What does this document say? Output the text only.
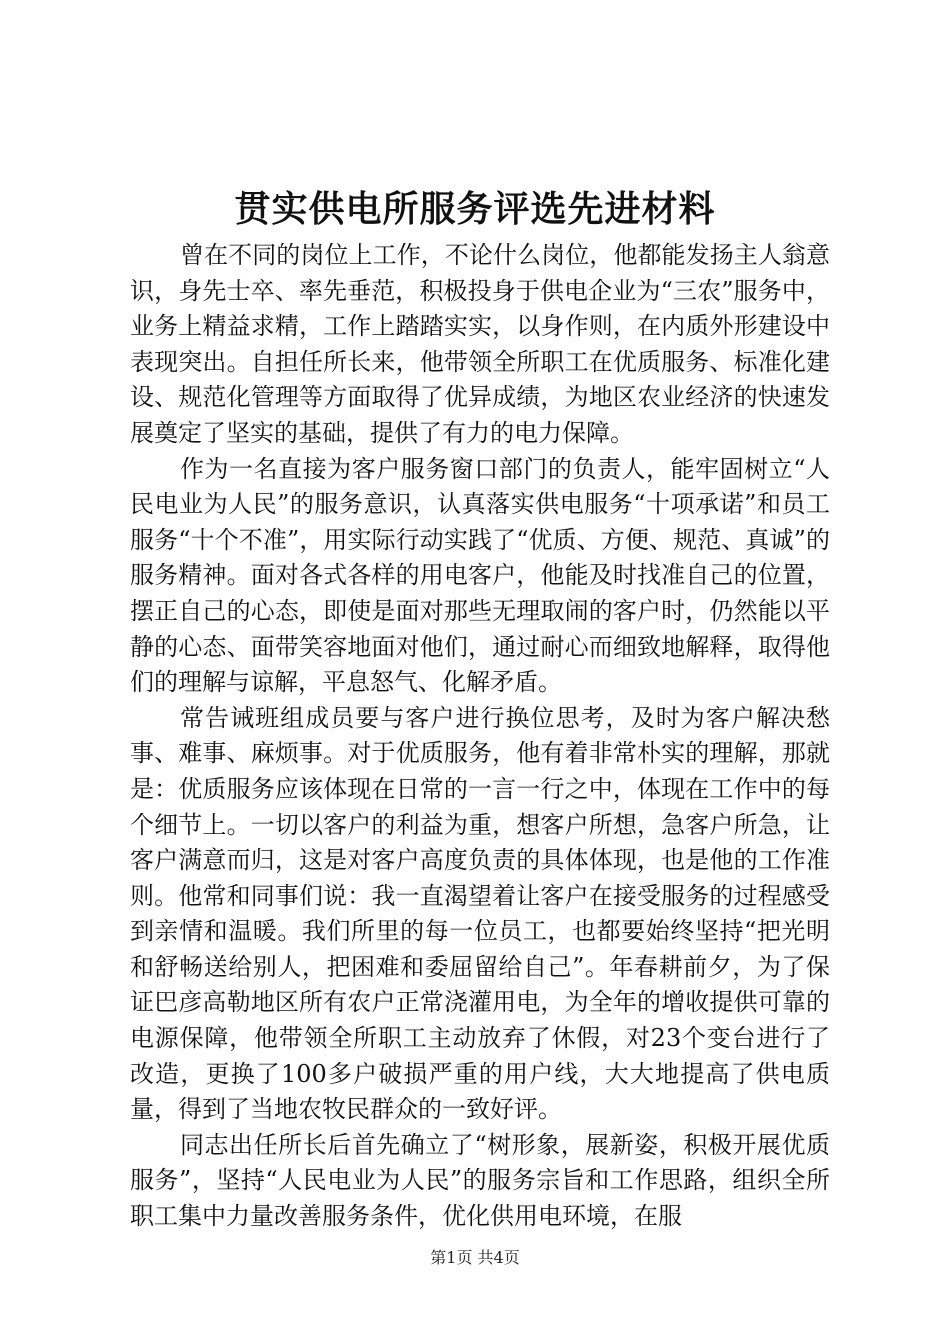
贯实供电所服务评选先进材料

曾在不同的岗位上工作，不论什么岗位，他都能发扬主人翁意识，身先士卒、率先垂范，积极投身于供电企业为“三农”服务中，业务上精益求精，工作上踏踏实实，以身作则，在内质外形建设中表现突出。自担任所长来，他带领全所职工在优质服务、标准化建设、规范化管理等方面取得了优异成绩，为地区农业经济的快速发展奠定了坚实的基础，提供了有力的电力保障。

作为一名直接为客户服务窗口部门的负责人，能牢固树立“人民电业为人民”的服务意识，认真落实供电服务“十项承诺”和员工服务“十个不准”，用实际行动实践了“优质、方便、规范、真诚”的服务精神。面对各式各样的用电客户，他能及时找准自己的位置，摆正自己的心态，即使是面对那些无理取闹的客户时，仍然能以平静的心态、面带笑容地面对他们，通过耐心而细致地解释，取得他们的理解与谅解，平息怒气、化解矛盾。

常告诫班组成员要与客户进行换位思考，及时为客户解决愁事、难事、麻烦事。对于优质服务，他有着非常朴实的理解，那就是：优质服务应该体现在日常的一言一行之中，体现在工作中的每个细节上。一切以客户的利益为重，想客户所想，急客户所急，让客户满意而归，这是对客户高度负责的具体体现，也是他的工作准则。他常和同事们说：我一直渴望着让客户在接受服务的过程感受到亲情和温暖。我们所里的每一位员工，也都要始终坚持“把光明和舒畅送给别人，把困难和委屈留给自己”。年春耕前夕，为了保证巴彦高勒地区所有农户正常浇灌用电，为全年的增收提供可靠的电源保障，他带领全所职工主动放弃了休假，对23个变台进行了改造，更换了100多户破损严重的用户线，大大地提高了供电质量，得到了当地农牧民群众的一致好评。

同志出任所长后首先确立了“树形象，展新姿，积极开展优质服务”，坚持“人民电业为人民”的服务宗旨和工作思路，组织全所职工集中力量改善服务条件，优化供用电环境，在服

第1页 共4页
